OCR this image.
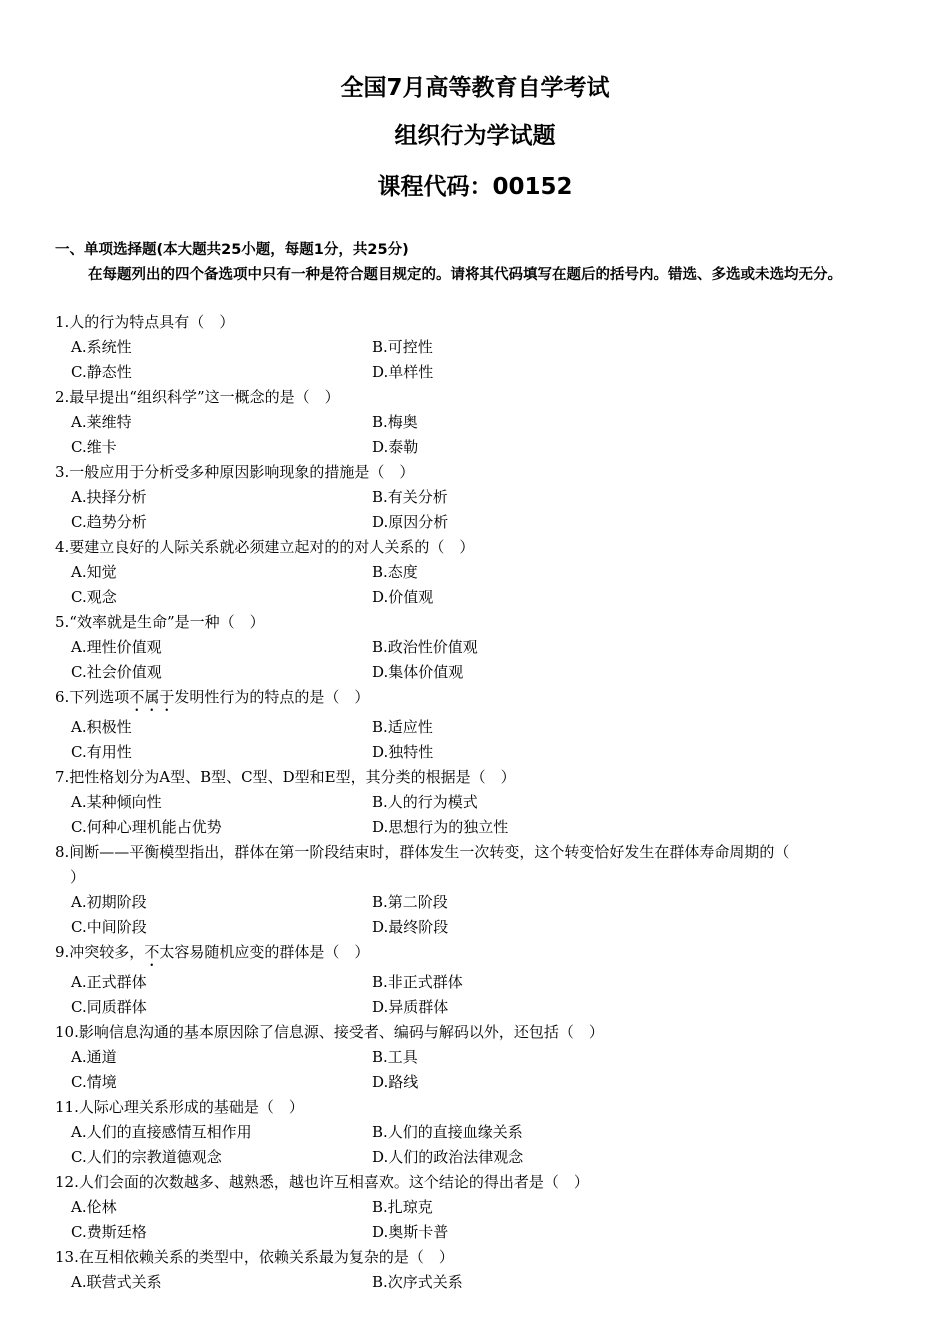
全国7月高等教育自学考试
组织行为学试题
课程代码：00152
一、单项选择题(本大题共25小题，每题1分，共25分)
在每题列出的四个备选项中只有一种是符合题目规定的。请将其代码填写在题后的括号内。错选、多选或未选均无分。
1.人的行为特点具有（　）
A.系统性	B.可控性
C.静态性	D.单样性
2.最早提出“组织科学”这一概念的是（　）
A.莱维特	B.梅奥
C.维卡	D.泰勒
3.一般应用于分析受多种原因影响现象的措施是（　）
A.抉择分析	B.有关分析
C.趋势分析	D.原因分析
4.要建立良好的人际关系就必须建立起对的的对人关系的（　）
A.知觉	B.态度
C.观念	D.价值观
5.“效率就是生命”是一种（　）
A.理性价值观	B.政治性价值观
C.社会价值观	D.集体价值观
6.下列选项不属于发明性行为的特点的是（　）
A.积极性	B.适应性
C.有用性	D.独特性
7.把性格划分为A型、B型、C型、D型和E型，其分类的根据是（　）
A.某种倾向性	B.人的行为模式
C.何种心理机能占优势	D.思想行为的独立性
8.间断——平衡模型指出，群体在第一阶段结束时，群体发生一次转变，这个转变恰好发生在群体寿命周期的（
）
A.初期阶段	B.第二阶段
C.中间阶段	D.最终阶段
9.冲突较多，不太容易随机应变的群体是（　）
A.正式群体	B.非正式群体
C.同质群体	D.异质群体
10.影响信息沟通的基本原因除了信息源、接受者、编码与解码以外，还包括（　）
A.通道	B.工具
C.情境	D.路线
11.人际心理关系形成的基础是（　）
A.人们的直接感情互相作用	B.人们的直接血缘关系
C.人们的宗教道德观念	D.人们的政治法律观念
12.人们会面的次数越多、越熟悉，越也许互相喜欢。这个结论的得出者是（　）
A.伦林	B.扎琼克
C.费斯廷格	D.奥斯卡普
13.在互相依赖关系的类型中，依赖关系最为复杂的是（　）
A.联营式关系	B.次序式关系
